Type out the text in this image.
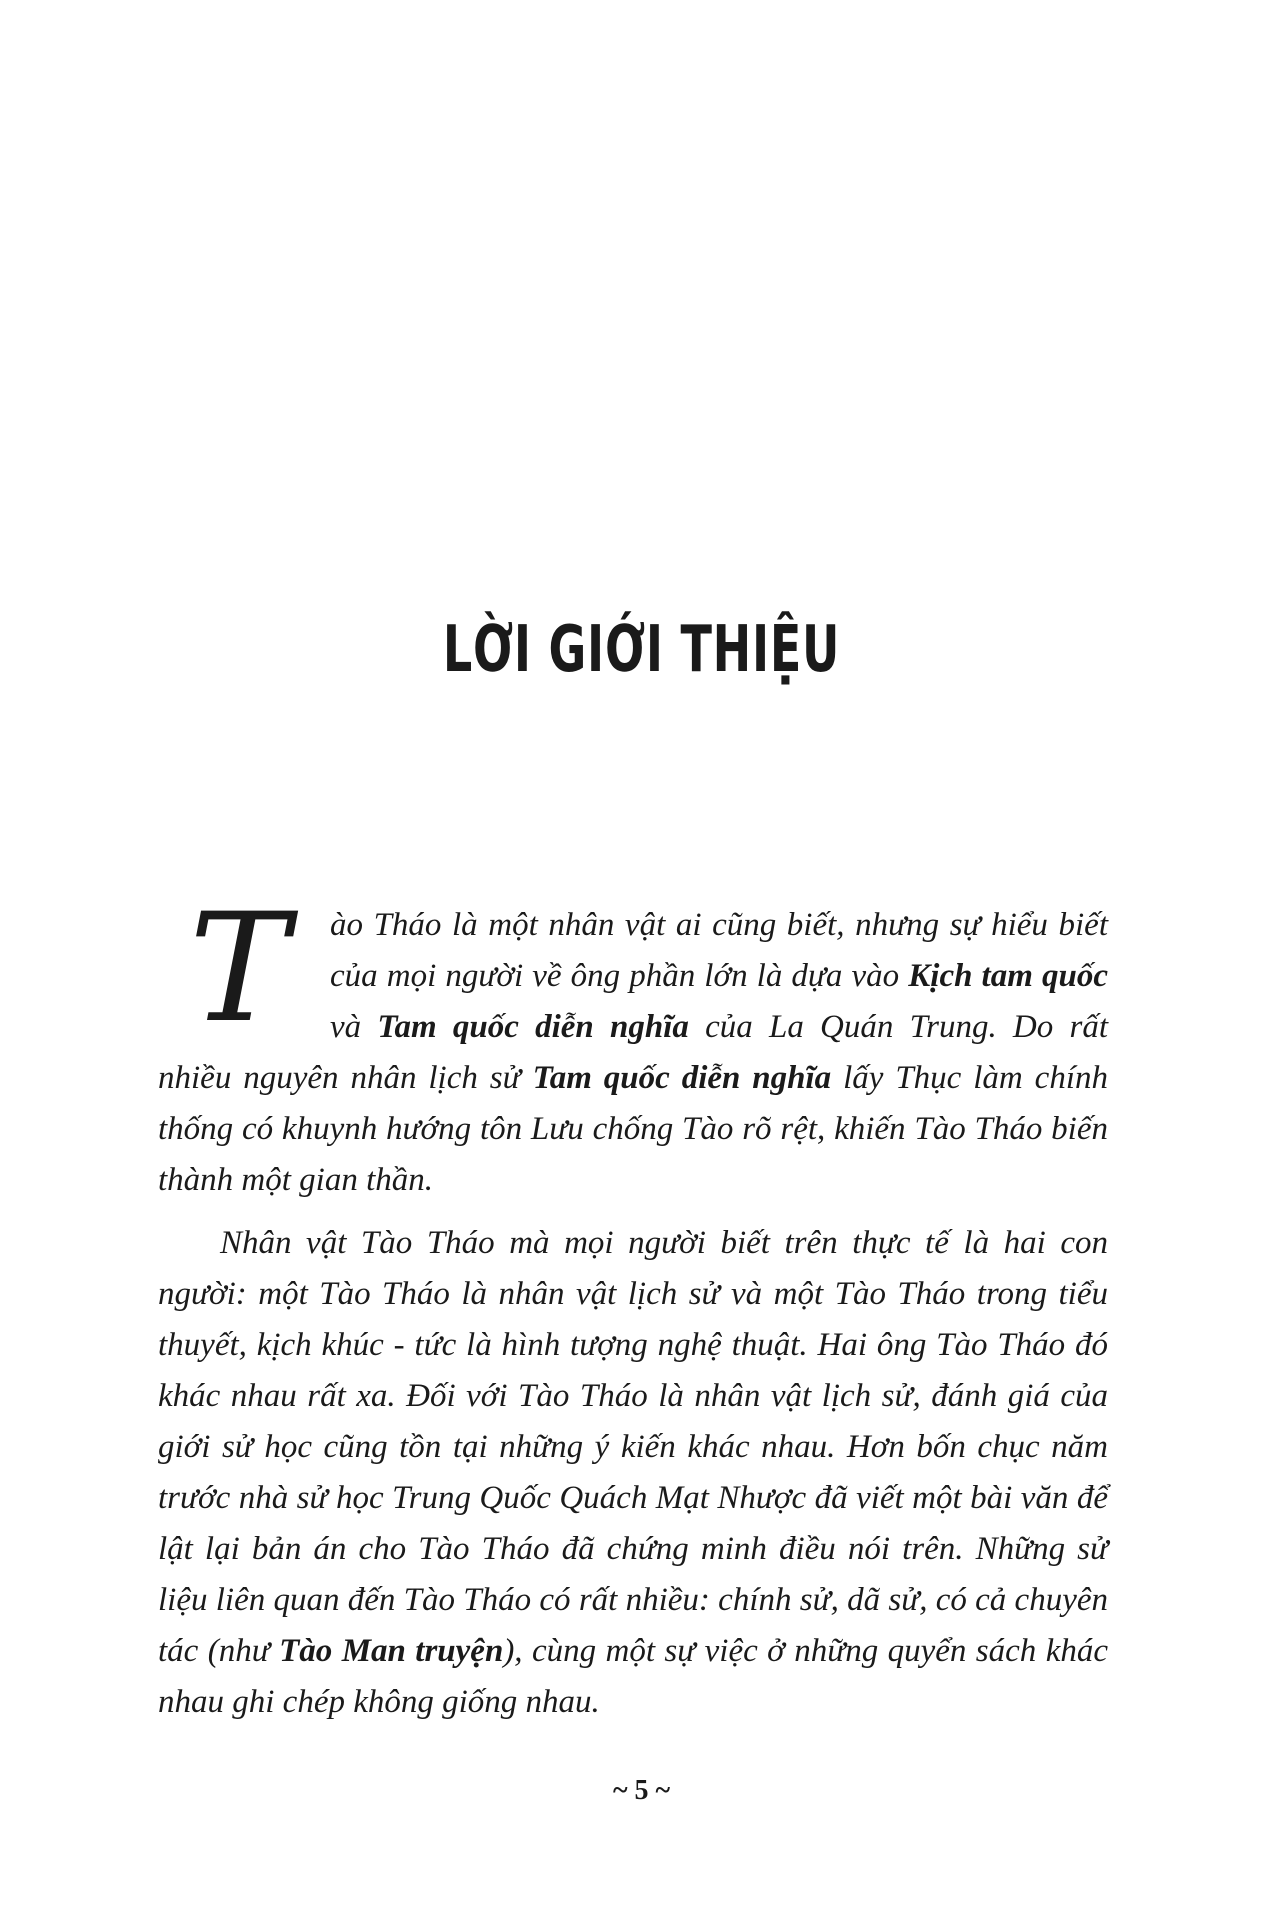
LỜI GIỚI THIỆU

T	ào Tháo là một nhân vật ai cũng biết, nhưng sự hiểu biết của mọi người về ông phần lớn là dựa vào Kịch tam quốc và Tam quốc diễn nghĩa của La Quán Trung. Do rất nhiều nguyên nhân lịch sử Tam quốc diễn nghĩa lấy Thục làm chính thống có khuynh hướng tôn Lưu chống Tào rõ rệt, khiến Tào Tháo biến thành một gian thần.

Nhân vật Tào Tháo mà mọi người biết trên thực tế là hai con người: một Tào Tháo là nhân vật lịch sử và một Tào Tháo trong tiểu thuyết, kịch khúc - tức là hình tượng nghệ thuật. Hai ông Tào Tháo đó khác nhau rất xa. Đối với Tào Tháo là nhân vật lịch sử, đánh giá của giới sử học cũng tồn tại những ý kiến khác nhau. Hơn bốn chục năm trước nhà sử học Trung Quốc Quách Mạt Nhược đã viết một bài văn để lật lại bản án cho Tào Tháo đã chứng minh điều nói trên. Những sử liệu liên quan đến Tào Tháo có rất nhiều: chính sử, dã sử, có cả chuyên tác (như Tào Man truyện), cùng một sự việc ở những quyển sách khác nhau ghi chép không giống nhau.

~ 5 ~
